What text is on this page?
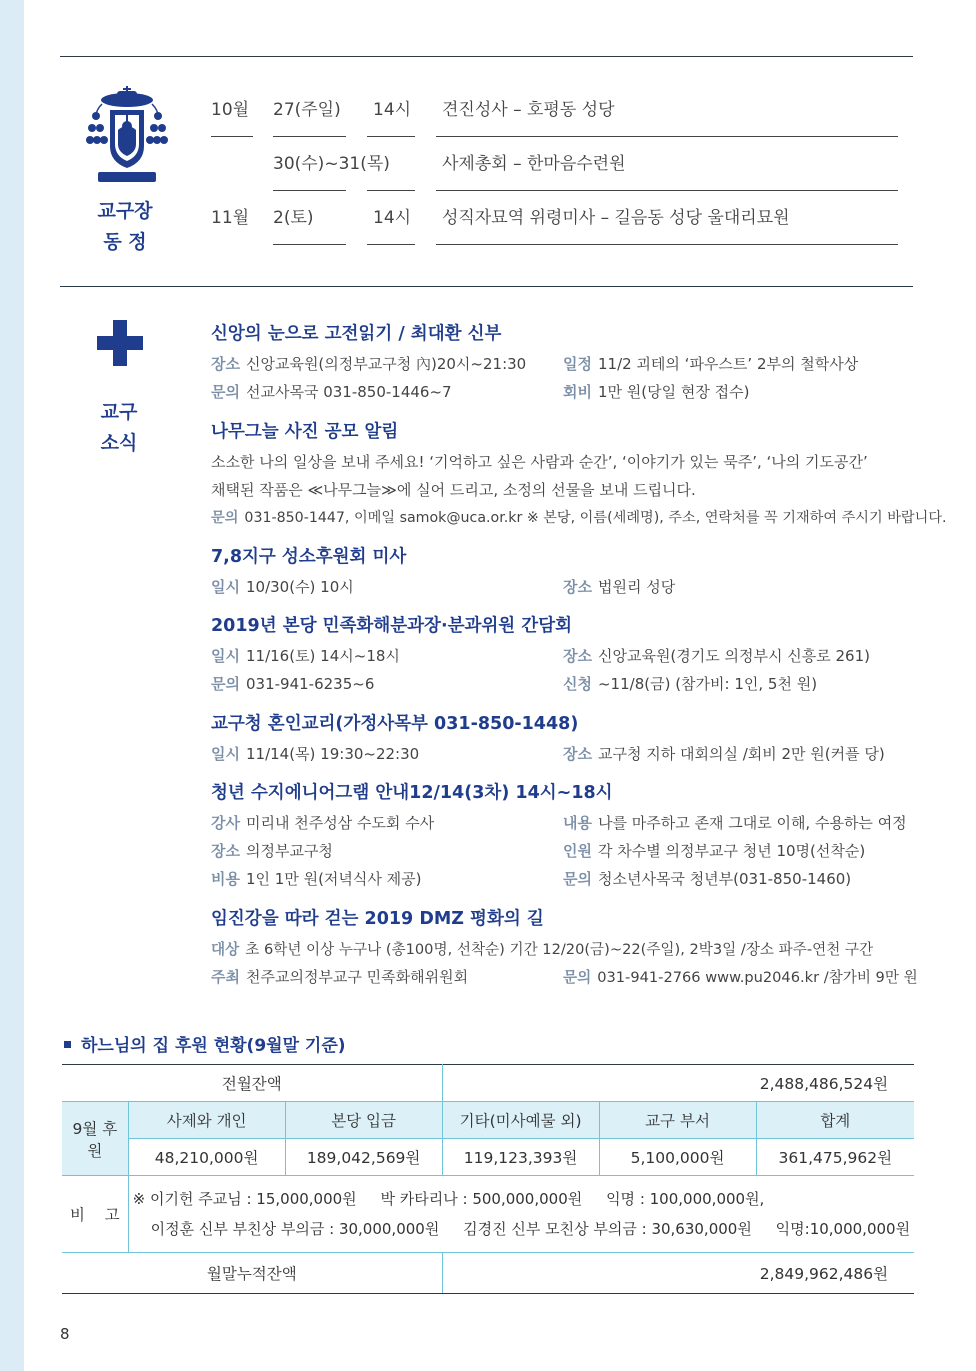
교구장
동 정
10월 27(주일) 14시 견진성사 – 호평동 성당
30(수)~31(목)	사제총회 – 한마음수련원
11월 2(토)	14시 성직자묘역 위령미사 – 길음동 성당 울대리묘원
교구
소식
신앙의 눈으로 고전읽기 / 최대환 신부
장소 신앙교육원(의정부교구청 內)20시~21:30 일정 11/2 괴테의 ‘파우스트’ 2부의 철학사상
문의 선교사목국 031-850-1446~7	회비 1만 원(당일 현장 접수)
나무그늘 사진 공모 알림
소소한 나의 일상을 보내 주세요! ‘기억하고 싶은 사람과 순간’, ‘이야기가 있는 묵주’, ‘나의 기도공간’
채택된 작품은 ≪나무그늘≫에 실어 드리고, 소정의 선물을 보내 드립니다.
문의 031-850-1447, 이메일 samok@uca.or.kr ※ 본당, 이름(세례명), 주소, 연락처를 꼭 기재하여 주시기 바랍니다.
7,8지구 성소후원회 미사
일시 10/30(수) 10시	장소 법원리 성당
2019년 본당 민족화해분과장·분과위원 간담회
일시 11/16(토) 14시~18시	장소 신앙교육원(경기도 의정부시 신흥로 261)
문의 031-941-6235~6	신청 ~11/8(금) (참가비: 1인, 5천 원)
교구청 혼인교리(가정사목부 031-850-1448)
일시 11/14(목) 19:30~22:30	장소 교구청 지하 대회의실 /회비 2만 원(커플 당)
청년 수지에니어그램 안내12/14(3차) 14시~18시
강사 미리내 천주성삼 수도회 수사	내용 나를 마주하고 존재 그대로 이해, 수용하는 여정
장소 의정부교구청	인원 각 차수별 의정부교구 청년 10명(선착순)
비용 1인 1만 원(저녁식사 제공)	문의 청소년사목국 청년부(031-850-1460)
임진강을 따라 걷는 2019 DMZ 평화의 길
대상 초 6학년 이상 누구나 (총100명, 선착순) 기간 12/20(금)~22(주일), 2박3일 /장소 파주-연천 구간
주최 천주교의정부교구 민족화해위원회	문의 031-941-2766 www.pu2046.kr /참가비 9만 원
하느님의 집 후원 현황(9월말 기준)
전월잔액			2,488,486,524원		
9월 후원	사제와 개인	본당 입금	기타(미사예물 외)	교구 부서	합계
	48,210,000원	189,042,569원	119,123,393원	5,100,000원	361,475,962원
비    고	※ 이기헌 주교님 : 15,000,000원     박 카타리나 : 500,000,000원     익명 : 100,000,000원,
이정훈 신부 부친상 부의금 : 30,000,000원     김경진 신부 모친상 부의금 : 30,630,000원     익명:10,000,000원				

월말누적잔액			2,849,962,486원		
8
